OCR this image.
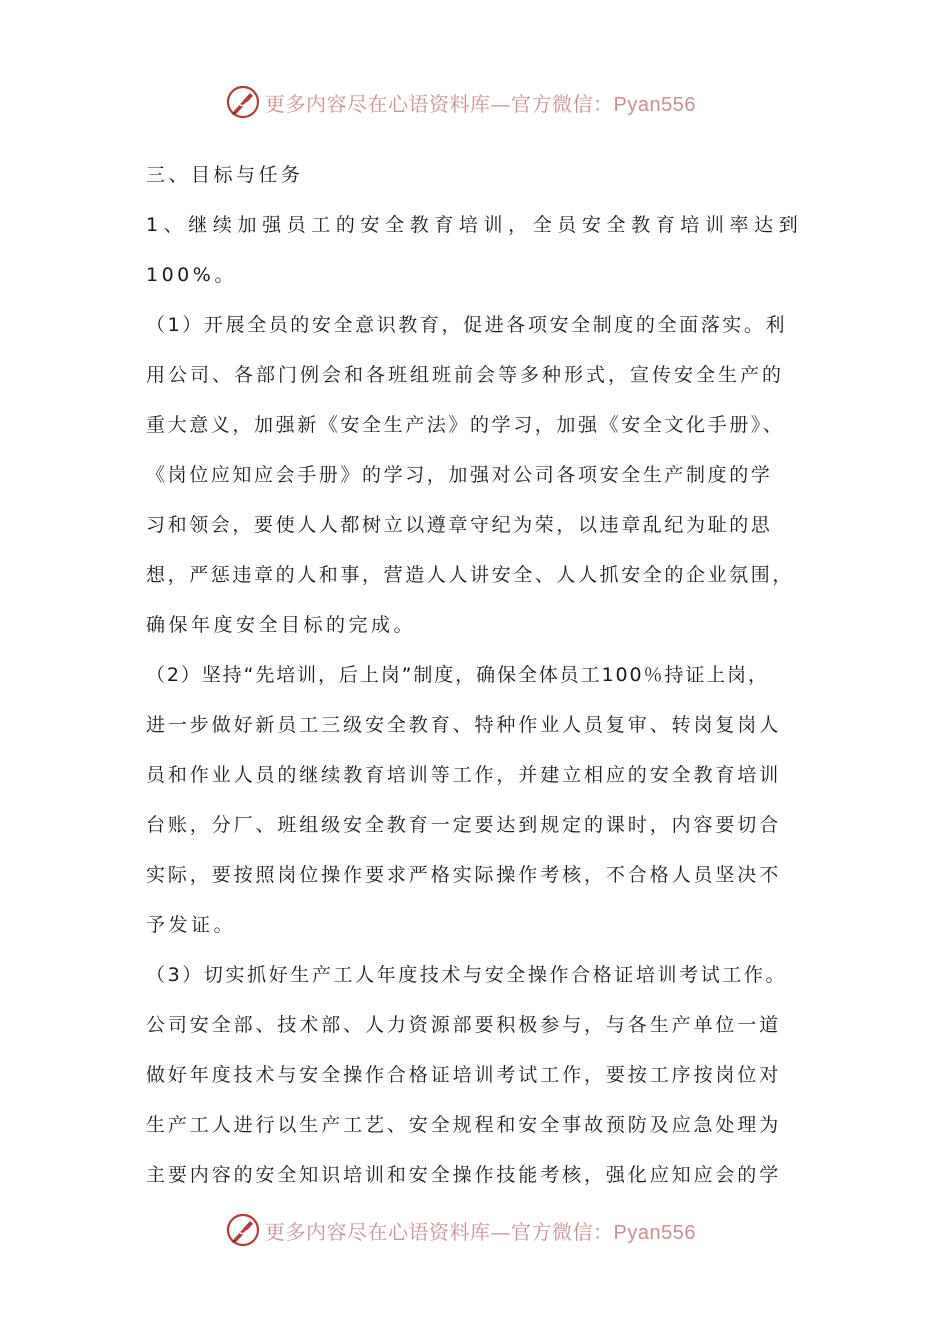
更多内容尽在心语资料库—官方微信：Pyan556
三、目标与任务
1、继续加强员工的安全教育培训，全员安全教育培训率达到
100%。
（1）开展全员的安全意识教育，促进各项安全制度的全面落实。利
用公司、各部门例会和各班组班前会等多种形式，宣传安全生产的
重大意义，加强新《安全生产法》的学习，加强《安全文化手册》、
《岗位应知应会手册》的学习，加强对公司各项安全生产制度的学
习和领会，要使人人都树立以遵章守纪为荣，以违章乱纪为耻的思
想，严惩违章的人和事，营造人人讲安全、人人抓安全的企业氛围，
确保年度安全目标的完成。
（2）坚持“先培训，后上岗”制度，确保全体员工100％持证上岗，
进一步做好新员工三级安全教育、特种作业人员复审、转岗复岗人
员和作业人员的继续教育培训等工作，并建立相应的安全教育培训
台账，分厂、班组级安全教育一定要达到规定的课时，内容要切合
实际，要按照岗位操作要求严格实际操作考核，不合格人员坚决不
予发证。
（3）切实抓好生产工人年度技术与安全操作合格证培训考试工作。
公司安全部、技术部、人力资源部要积极参与，与各生产单位一道
做好年度技术与安全操作合格证培训考试工作，要按工序按岗位对
生产工人进行以生产工艺、安全规程和安全事故预防及应急处理为
主要内容的安全知识培训和安全操作技能考核，强化应知应会的学
更多内容尽在心语资料库—官方微信：Pyan556
